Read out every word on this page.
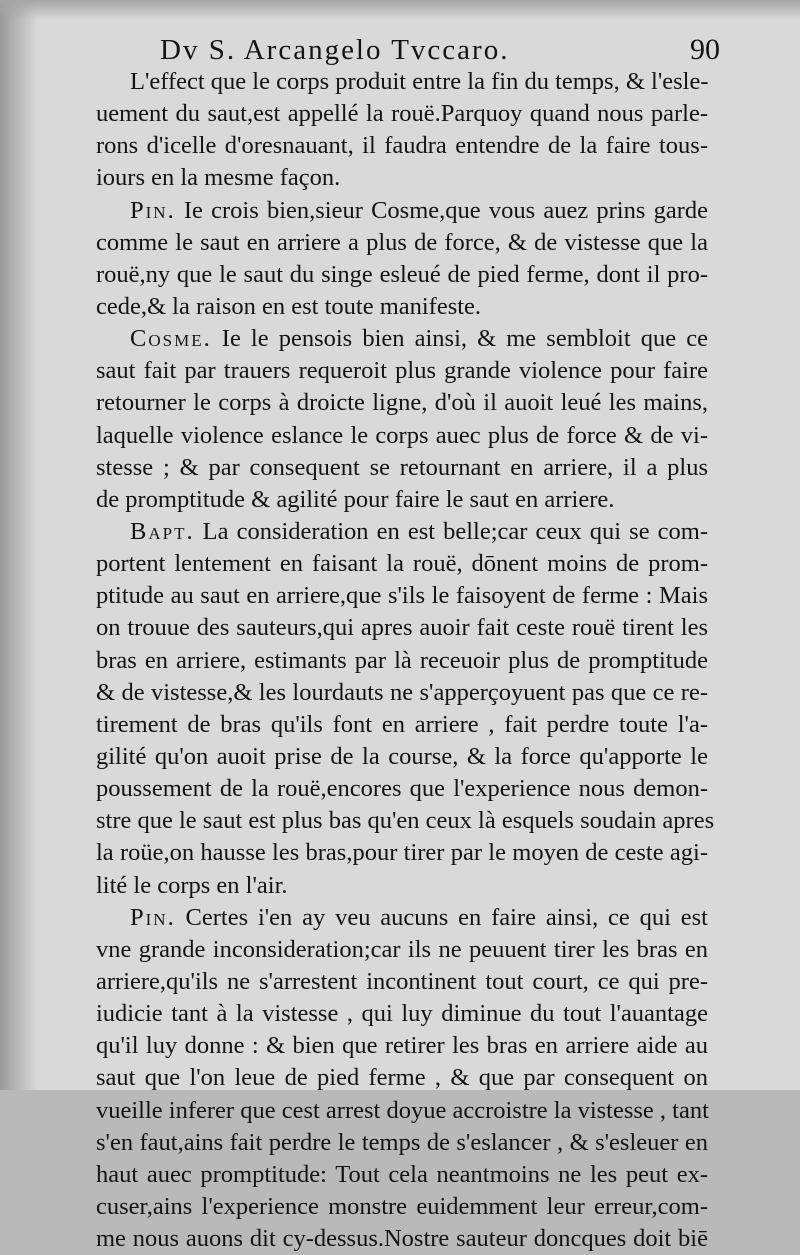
Dv S. Arcangelo Tvccaro.	90
L'effect que le corps produit entre la fin du temps, & l'esle-
uement du saut,est appellé la rouë.Parquoy quand nous parle-
rons d'icelle d'oresnauant, il faudra entendre de la faire tous-
iours en la mesme façon.
Pin. Ie crois bien,sieur Cosme,que vous auez prins garde
comme le saut en arriere a plus de force, & de vistesse que la
rouë,ny que le saut du singe esleué de pied ferme, dont il pro-
cede,& la raison en est toute manifeste.
Cosme. Ie le pensois bien ainsi, & me sembloit que ce
saut fait par trauers requeroit plus grande violence pour faire
retourner le corps à droicte ligne, d'où il auoit leué les mains,
laquelle violence eslance le corps auec plus de force & de vi-
stesse ; & par consequent se retournant en arriere, il a plus
de promptitude & agilité pour faire le saut en arriere.
Bapt. La consideration en est belle;car ceux qui se com-
portent lentement en faisant la rouë, dōnent moins de prom-
ptitude au saut en arriere,que s'ils le faisoyent de ferme : Mais
on trouue des sauteurs,qui apres auoir fait ceste rouë tirent les
bras en arriere, estimants par là receuoir plus de promptitude
& de vistesse,& les lourdauts ne s'apperçoyuent pas que ce re-
tirement de bras qu'ils font en arriere , fait perdre toute l'a-
gilité qu'on auoit prise de la course, & la force qu'apporte le
poussement de la rouë,encores que l'experience nous demon-
stre que le saut est plus bas qu'en ceux là esquels soudain apres
la roüe,on hausse les bras,pour tirer par le moyen de ceste agi-
lité le corps en l'air.
Pin. Certes i'en ay veu aucuns en faire ainsi, ce qui est
vne grande inconsideration;car ils ne peuuent tirer les bras en
arriere,qu'ils ne s'arrestent incontinent tout court, ce qui pre-
iudicie tant à la vistesse , qui luy diminue du tout l'auantage
qu'il luy donne : & bien que retirer les bras en arriere aide au
saut que l'on leue de pied ferme , & que par consequent on
vueille inferer que cest arrest doyue accroistre la vistesse , tant
s'en faut,ains fait perdre le temps de s'eslancer , & s'esleuer en
haut auec promptitude: Tout cela neantmoins ne les peut ex-
cuser,ains l'experience monstre euidemment leur erreur,com-
me nous auons dit cy-dessus.Nostre sauteur doncques doit biē
